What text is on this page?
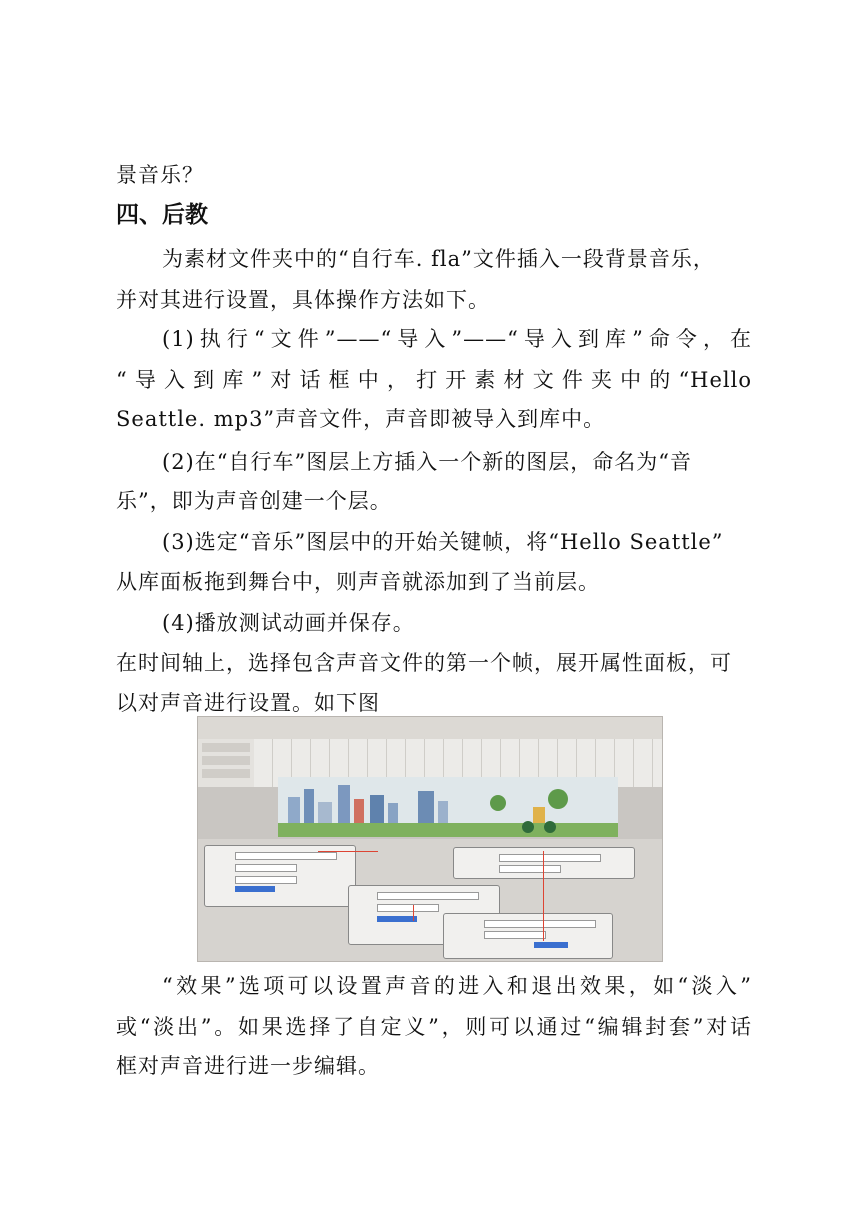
景音乐？
四、后教
为素材文件夹中的“自行车. fla”文件插入一段背景音乐，
并对其进行设置，具体操作方法如下。
(1)执行“文件”——“导入”——“导入到库”命令，在
“导入到库”对话框中，打开素材文件夹中的“Hello
Seattle. mp3”声音文件，声音即被导入到库中。
(2)在“自行车”图层上方插入一个新的图层，命名为“音
乐”，即为声音创建一个层。
(3)选定“音乐”图层中的开始关键帧，将“Hello Seattle”
从库面板拖到舞台中，则声音就添加到了当前层。
(4)播放测试动画并保存。
在时间轴上，选择包含声音文件的第一个帧，展开属性面板，可
以对声音进行设置。如下图
“效果”选项可以设置声音的进入和退出效果，如“淡入”
或“淡出”。如果选择了自定义”，则可以通过“编辑封套”对话
框对声音进行进一步编辑。
